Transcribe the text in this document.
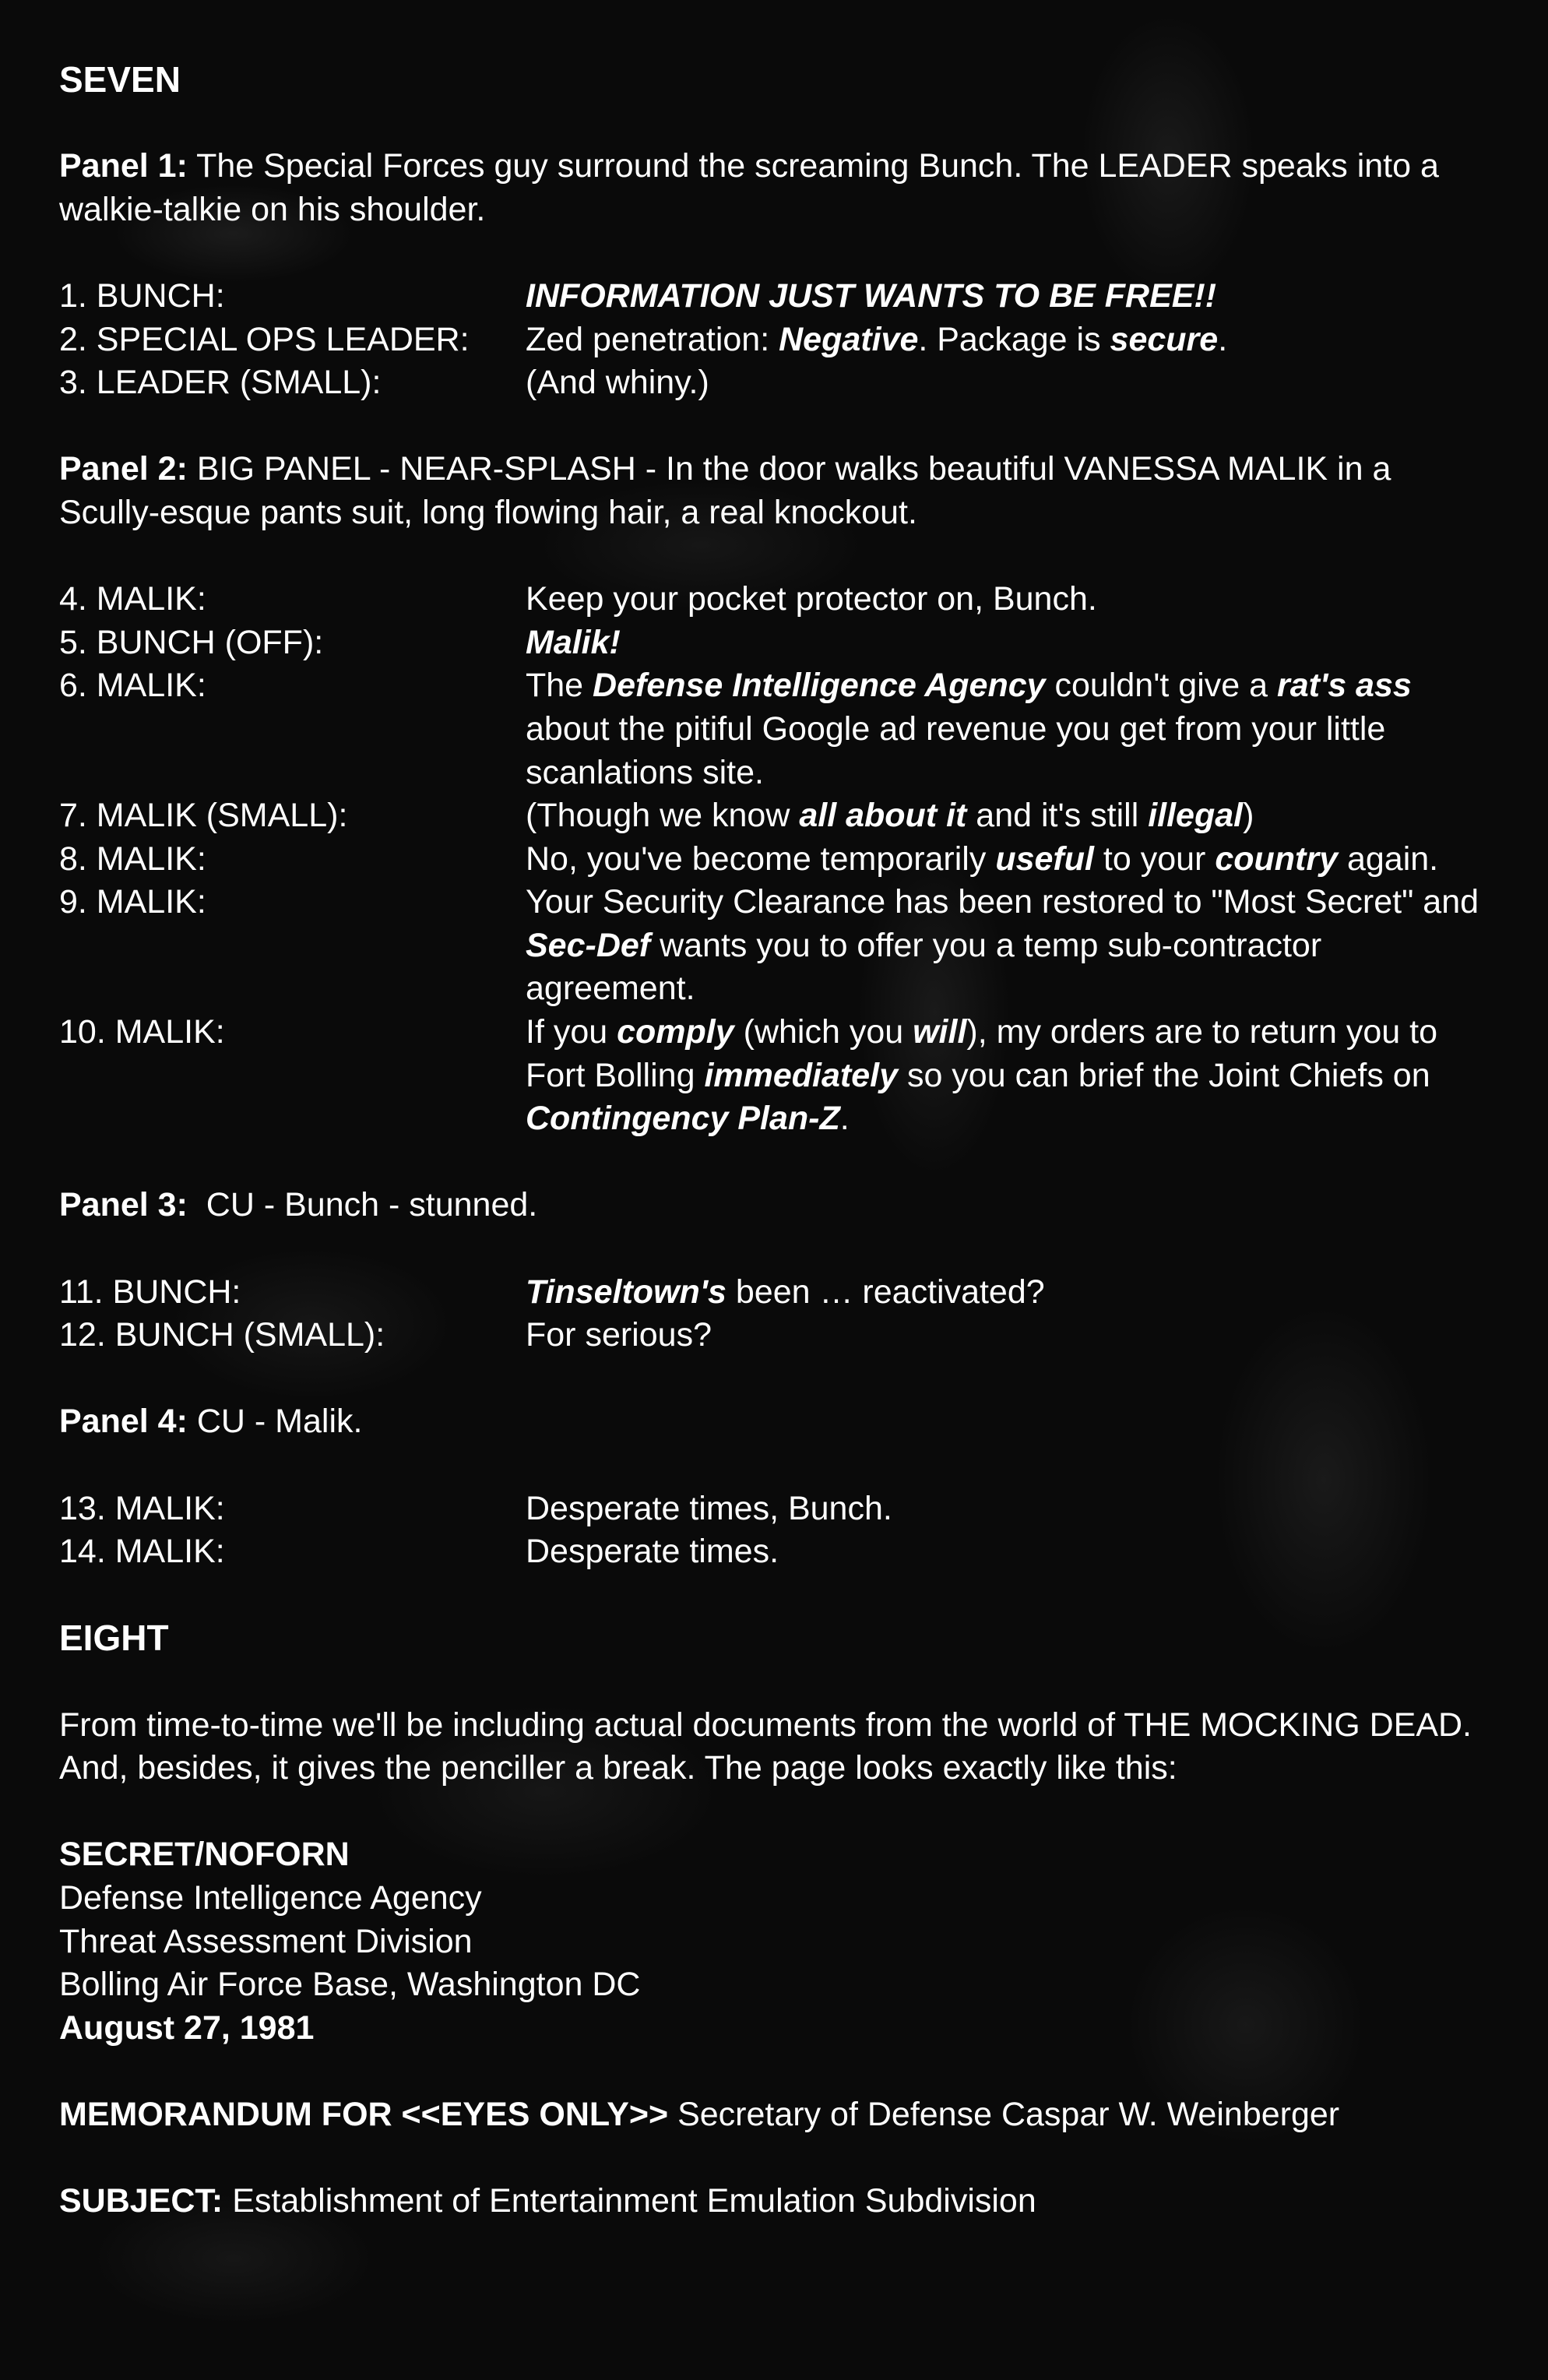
SEVEN
Panel 1: The Special Forces guy surround the screaming Bunch. The LEADER speaks into a walkie-talkie on his shoulder.
1. BUNCH:	INFORMATION JUST WANTS TO BE FREE!!
2. SPECIAL OPS LEADER:	Zed penetration: Negative. Package is secure.
3. LEADER (SMALL):	(And whiny.)
Panel 2: BIG PANEL - NEAR-SPLASH - In the door walks beautiful VANESSA MALIK in a Scully-esque pants suit, long flowing hair, a real knockout.
4. MALIK:	Keep your pocket protector on, Bunch.
5. BUNCH (OFF):	Malik!
6. MALIK:	The Defense Intelligence Agency couldn't give a rat's ass about the pitiful Google ad revenue you get from your little scanlations site.
7. MALIK (SMALL):	(Though we know all about it and it's still illegal)
8. MALIK:	No, you've become temporarily useful to your country again.
9. MALIK:	Your Security Clearance has been restored to "Most Secret" and Sec-Def wants you to offer you a temp sub-contractor agreement.
10. MALIK:	If you comply (which you will), my orders are to return you to Fort Bolling immediately so you can brief the Joint Chiefs on Contingency Plan-Z.
Panel 3:  CU - Bunch - stunned.
11. BUNCH:	Tinseltown's been … reactivated?
12. BUNCH (SMALL):	For serious?
Panel 4: CU - Malik.
13. MALIK:	Desperate times, Bunch.
14. MALIK:	Desperate times.
EIGHT
From time-to-time we'll be including actual documents from the world of THE MOCKING DEAD. And, besides, it gives the penciller a break. The page looks exactly like this:
SECRET/NOFORN
Defense Intelligence Agency
Threat Assessment Division
Bolling Air Force Base, Washington DC
August 27, 1981
MEMORANDUM FOR <<EYES ONLY>> Secretary of Defense Caspar W. Weinberger
SUBJECT: Establishment of Entertainment Emulation Subdivision
